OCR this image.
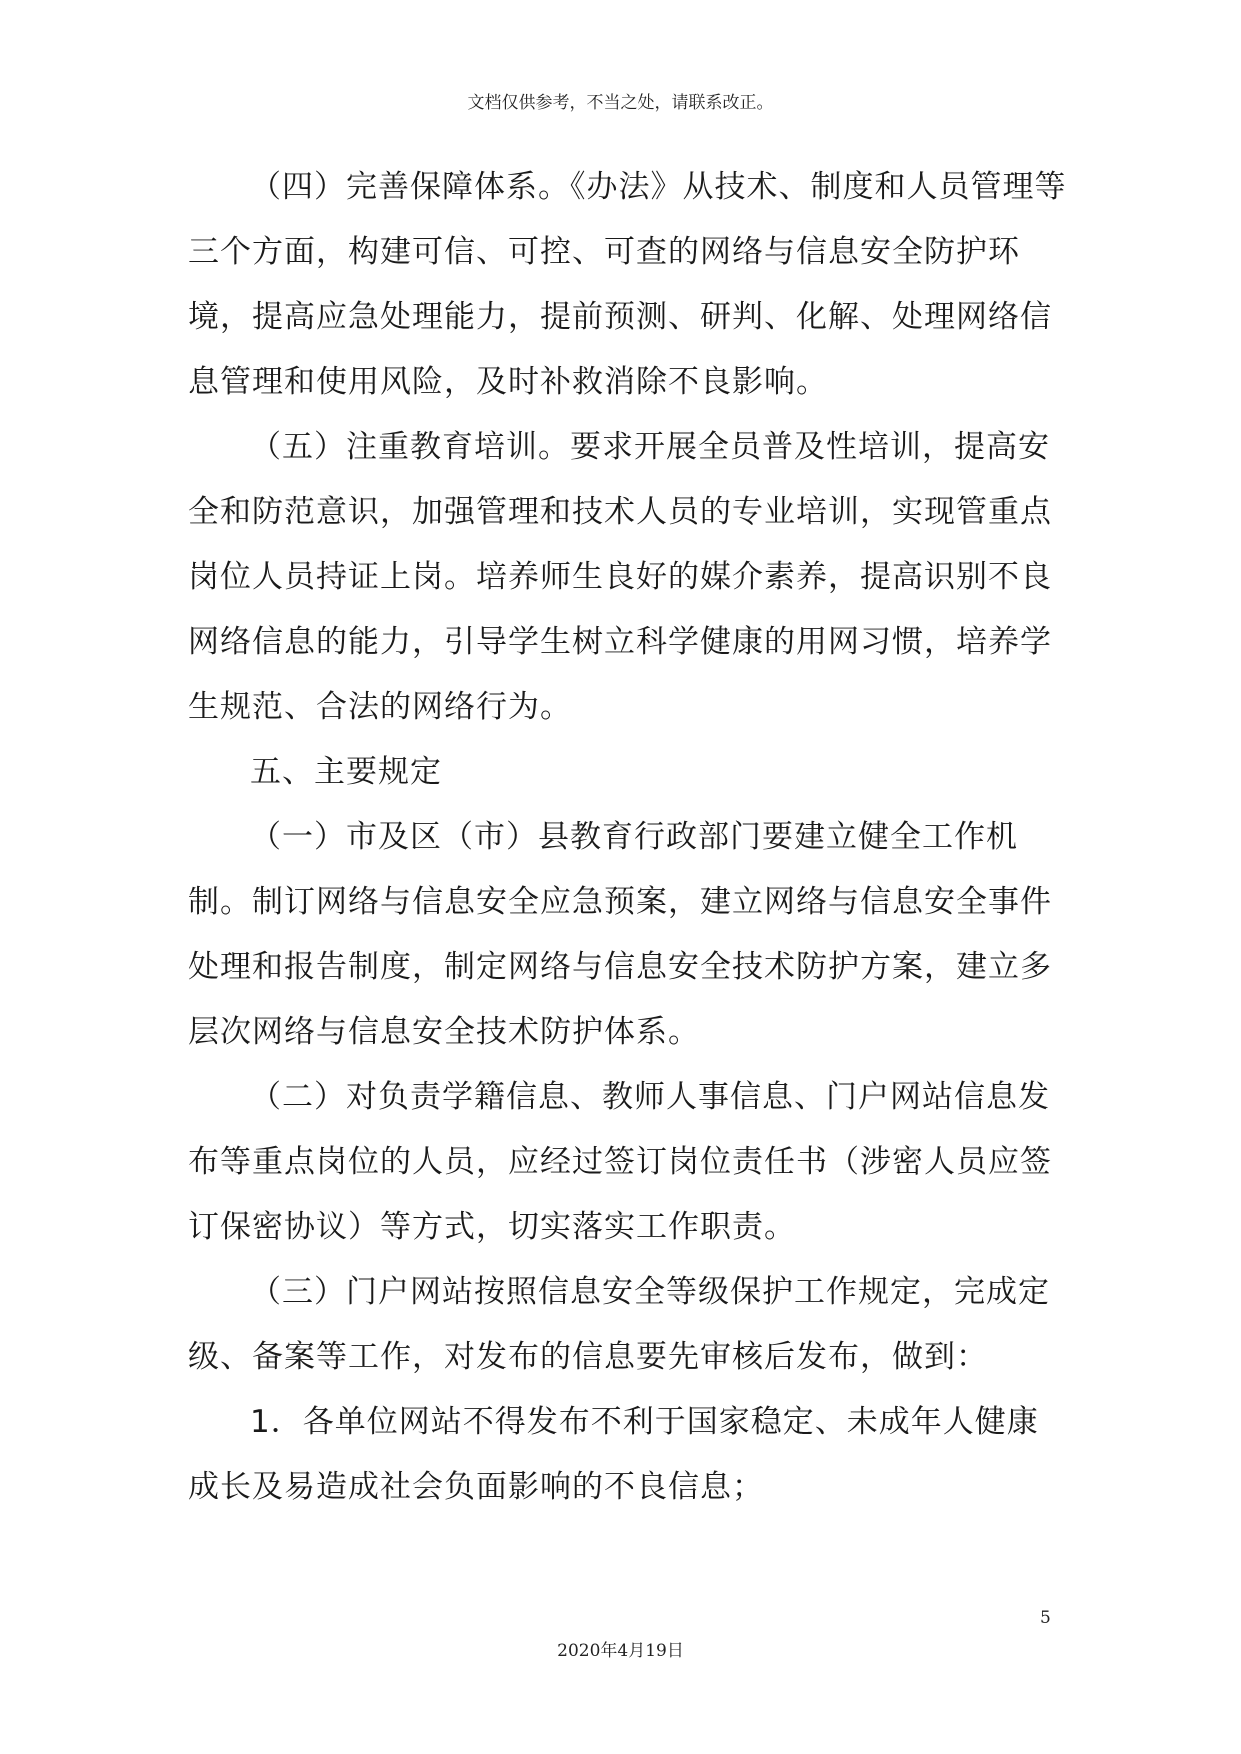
文档仅供参考，不当之处，请联系改正。

（四）完善保障体系。《办法》从技术、制度和人员管理等三个方面，构建可信、可控、可查的网络与信息安全防护环境，提高应急处理能力，提前预测、研判、化解、处理网络信息管理和使用风险，及时补救消除不良影响。

（五）注重教育培训。要求开展全员普及性培训，提高安全和防范意识，加强管理和技术人员的专业培训，实现管重点岗位人员持证上岗。培养师生良好的媒介素养，提高识别不良网络信息的能力，引导学生树立科学健康的用网习惯，培养学生规范、合法的网络行为。

五、主要规定

（一）市及区（市）县教育行政部门要建立健全工作机制。制订网络与信息安全应急预案，建立网络与信息安全事件处理和报告制度，制定网络与信息安全技术防护方案，建立多层次网络与信息安全技术防护体系。

（二）对负责学籍信息、教师人事信息、门户网站信息发布等重点岗位的人员，应经过签订岗位责任书（涉密人员应签订保密协议）等方式，切实落实工作职责。

（三）门户网站按照信息安全等级保护工作规定，完成定级、备案等工作，对发布的信息要先审核后发布，做到：

1．各单位网站不得发布不利于国家稳定、未成年人健康成长及易造成社会负面影响的不良信息；

5
2020年4月19日
